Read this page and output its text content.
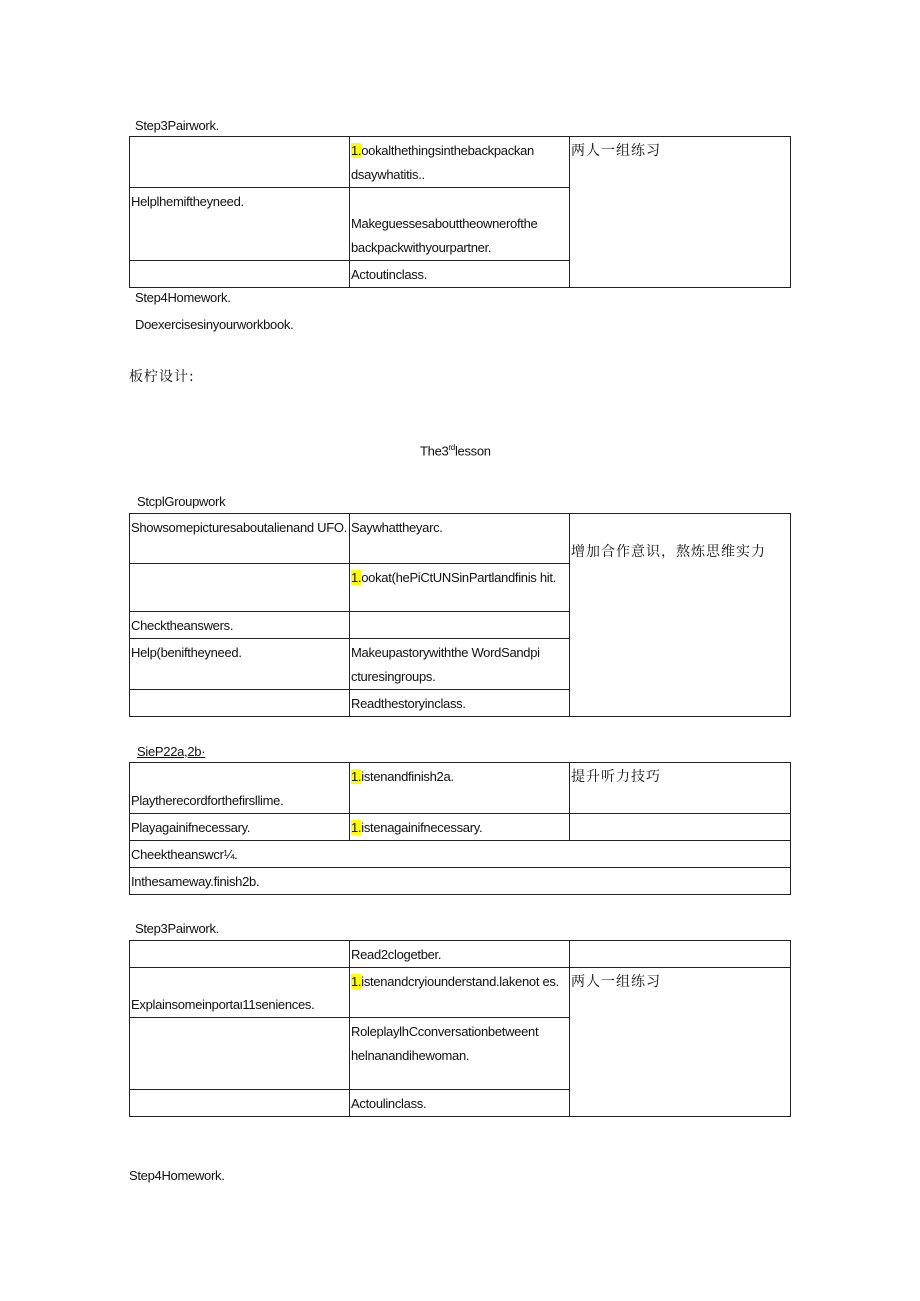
Step3Pairwork.

	1.ookalthethingsinthebackpackan dsaywhatitis..	两人一组练习

Helplhemiftheyneed.	Makeguessesabouttheownerofthe backpackwithyourpartner.	

	Actoutinclass.	
Step4Homework.
Doexercisesinyourworkbook.
板柠设计:
The3rdlesson
StcplGroupwork
Showsomepicturesaboutalienand UFO.	Saywhattheyarc.	增加合作意识，熬炼思维实力

	1.ookat(hePiCtUNSinPartlandfinis hit.	

Checktheanswers.		

Help(beniftheyneed.	Makeupastorywiththe WordSandpi cturesingroups.	

	Readthestoryinclass.	
SieP22a,2b·
Playtherecordforthefirsllime.	1.istenandfinish2a.	提升听力技巧

Playagainifnecessary.	1.istenagainifnecessary.	

Cheektheanswcr¼.		

Inthesameway.finish2b.		
Step3Pairwork.

	Read2clogetber.	

Explainsomeinportaι11seniences.	1.istenandcryiounderstand.lakenot es.	两人一组练习

	RoleplaylhCconversationbetweent helnanandihewoman.	

	Actoulinclass.	
Step4Homework.
